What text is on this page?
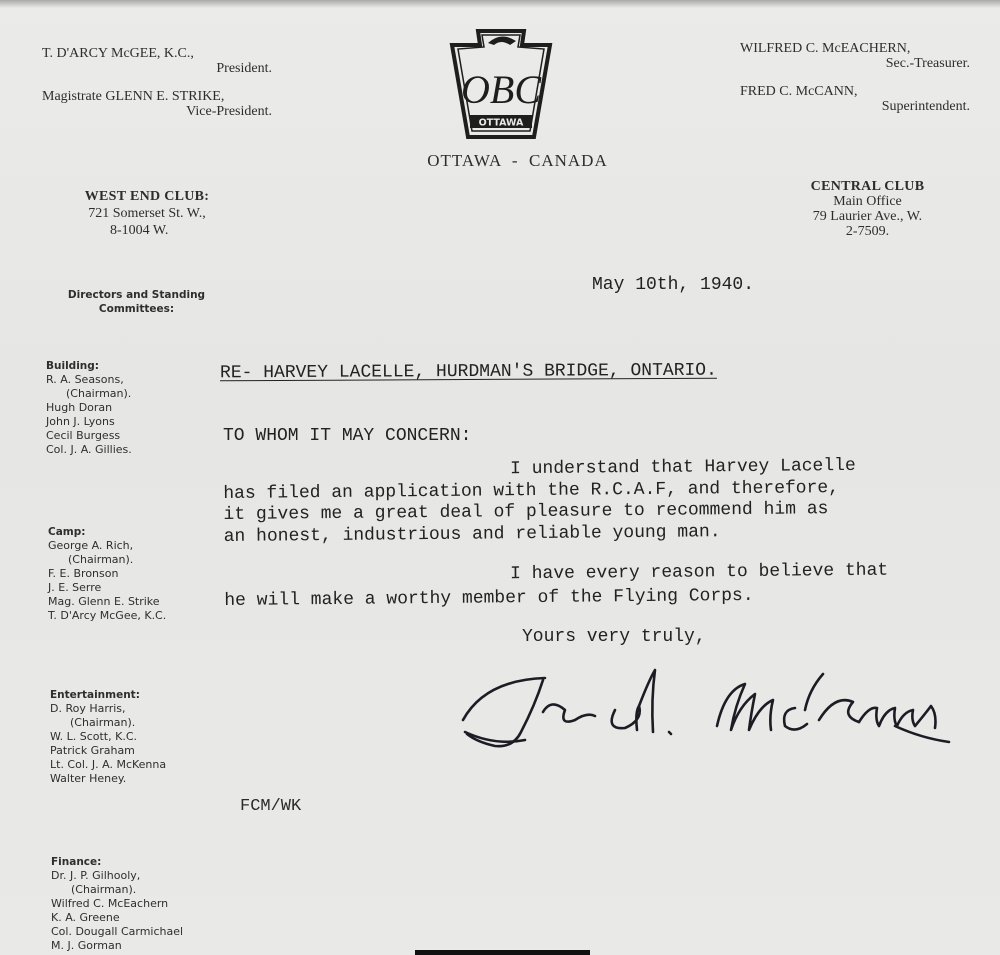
T. D'ARCY McGEE, K.C.,
President.
Magistrate GLENN E. STRIKE,
Vice-President.
WILFRED C. McEACHERN,
Sec.-Treasurer.
FRED C. McCANN,
Superintendent.
OBC
OTTAWA
OTTAWA  -  CANADA
WEST END CLUB:
721 Somerset St. W.,
8-1004 W.
CENTRAL CLUB
Main Office
79 Laurier Ave., W.
2-7509.
Directors and Standing
Committees:
Building:
R. A. Seasons,
(Chairman).
Hugh Doran
John J. Lyons
Cecil Burgess
Col. J. A. Gillies.
Camp:
George A. Rich,
(Chairman).
F. E. Bronson
J. E. Serre
Mag. Glenn E. Strike
T. D'Arcy McGee, K.C.
Entertainment:
D. Roy Harris,
(Chairman).
W. L. Scott, K.C.
Patrick Graham
Lt. Col. J. A. McKenna
Walter Heney.
Finance:
Dr. J. P. Gilhooly,
(Chairman).
Wilfred C. McEachern
K. A. Greene
Col. Dougall Carmichael
M. J. Gorman
May 10th, 1940.
RE- HARVEY LACELLE, HURDMAN'S BRIDGE, ONTARIO.
TO WHOM IT MAY CONCERN:
I understand that Harvey Lacelle
has filed an application with the R.C.A.F, and therefore,
it gives me a great deal of pleasure to recommend him as
an honest, industrious and reliable young man.
I have every reason to believe that
he will make a worthy member of the Flying Corps.
Yours very truly,
FCM/WK
